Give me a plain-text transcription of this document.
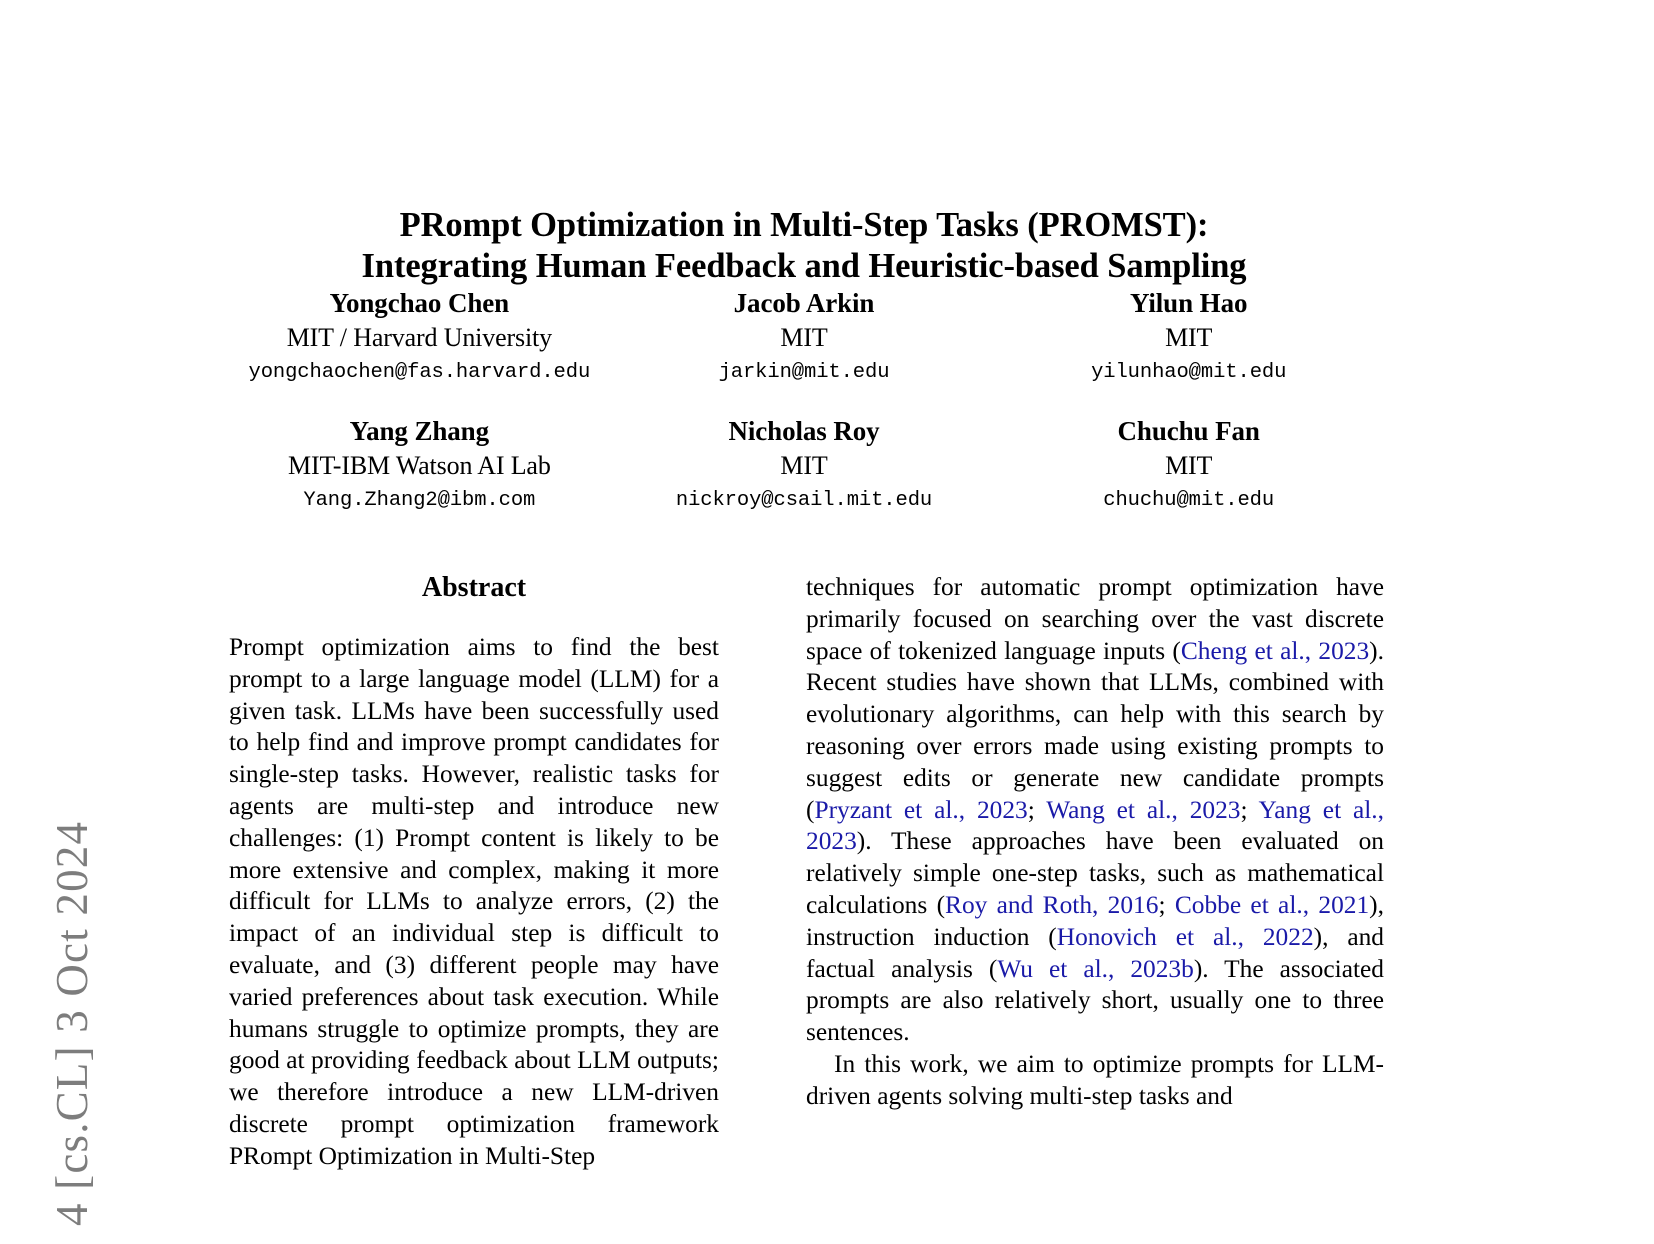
4 [cs.CL] 3 Oct 2024
PRompt Optimization in Multi-Step Tasks (PROMST):
Integrating Human Feedback and Heuristic-based Sampling
Yongchao Chen
MIT / Harvard University
yongchaochen@fas.harvard.edu
Jacob Arkin
MIT
jarkin@mit.edu
Yilun Hao
MIT
yilunhao@mit.edu
Yang Zhang
MIT-IBM Watson AI Lab
Yang.Zhang2@ibm.com
Nicholas Roy
MIT
nickroy@csail.mit.edu
Chuchu Fan
MIT
chuchu@mit.edu
Abstract

Prompt optimization aims to find the best prompt to a large language model (LLM) for a given task. LLMs have been successfully used to help find and improve prompt candidates for single-step tasks. However, realistic tasks for agents are multi-step and introduce new challenges: (1) Prompt content is likely to be more extensive and complex, making it more difficult for LLMs to analyze errors, (2) the impact of an individual step is difficult to evaluate, and (3) different people may have varied preferences about task execution. While humans struggle to optimize prompts, they are good at providing feedback about LLM outputs; we therefore introduce a new LLM-driven discrete prompt optimization framework PRompt Optimization in Multi-Step

techniques for automatic prompt optimization have primarily focused on searching over the vast discrete space of tokenized language inputs (Cheng et al., 2023). Recent studies have shown that LLMs, combined with evolutionary algorithms, can help with this search by reasoning over errors made using existing prompts to suggest edits or generate new candidate prompts (Pryzant et al., 2023; Wang et al., 2023; Yang et al., 2023). These approaches have been evaluated on relatively simple one-step tasks, such as mathematical calculations (Roy and Roth, 2016; Cobbe et al., 2021), instruction induction (Honovich et al., 2022), and factual analysis (Wu et al., 2023b). The associated prompts are also relatively short, usually one to three sentences.

In this work, we aim to optimize prompts for LLM-driven agents solving multi-step tasks and
